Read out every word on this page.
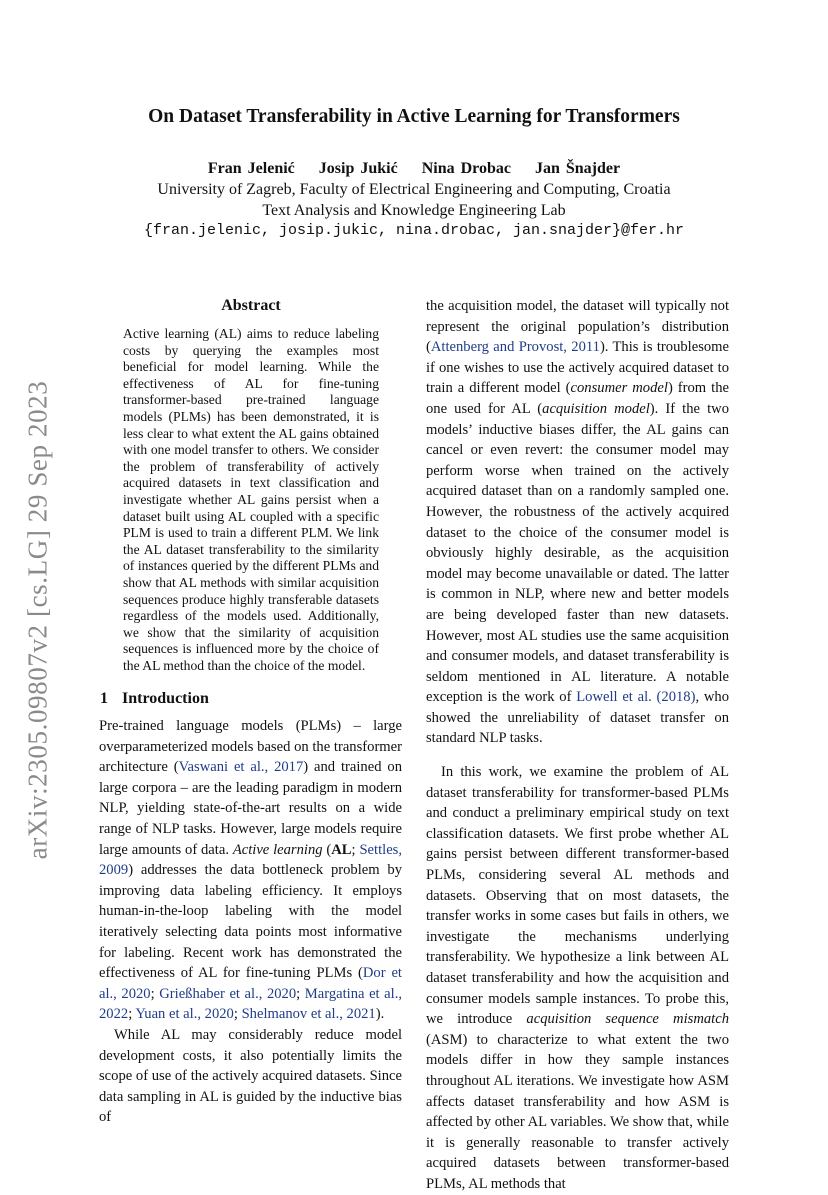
arXiv:2305.09807v2 [cs.LG] 29 Sep 2023
On Dataset Transferability in Active Learning for Transformers
Fran Jelenić Josip Jukić Nina Drobac Jan Šnajder
University of Zagreb, Faculty of Electrical Engineering and Computing, Croatia
Text Analysis and Knowledge Engineering Lab
{fran.jelenic, josip.jukic, nina.drobac, jan.snajder}@fer.hr
Abstract

Active learning (AL) aims to reduce labeling costs by querying the examples most beneficial for model learning. While the effectiveness of AL for fine-tuning transformer-based pre-trained language models (PLMs) has been demonstrated, it is less clear to what extent the AL gains obtained with one model transfer to others. We consider the problem of transferability of actively acquired datasets in text classification and investigate whether AL gains persist when a dataset built using AL coupled with a specific PLM is used to train a different PLM. We link the AL dataset transferability to the similarity of instances queried by the different PLMs and show that AL methods with similar acquisition sequences produce highly transferable datasets regardless of the models used. Additionally, we show that the similarity of acquisition sequences is influenced more by the choice of the AL method than the choice of the model.

1 Introduction

Pre-trained language models (PLMs) – large overparameterized models based on the transformer architecture (Vaswani et al., 2017) and trained on large corpora – are the leading paradigm in modern NLP, yielding state-of-the-art results on a wide range of NLP tasks. However, large models require large amounts of data. Active learning (AL; Settles, 2009) addresses the data bottleneck problem by improving data labeling efficiency. It employs human-in-the-loop labeling with the model iteratively selecting data points most informative for labeling. Recent work has demonstrated the effectiveness of AL for fine-tuning PLMs (Dor et al., 2020; Grießhaber et al., 2020; Margatina et al., 2022; Yuan et al., 2020; Shelmanov et al., 2021).

While AL may considerably reduce model development costs, it also potentially limits the scope of use of the actively acquired datasets. Since data sampling in AL is guided by the inductive bias of

the acquisition model, the dataset will typically not represent the original population’s distribution (Attenberg and Provost, 2011). This is troublesome if one wishes to use the actively acquired dataset to train a different model (consumer model) from the one used for AL (acquisition model). If the two models’ inductive biases differ, the AL gains can cancel or even revert: the consumer model may perform worse when trained on the actively acquired dataset than on a randomly sampled one. However, the robustness of the actively acquired dataset to the choice of the consumer model is obviously highly desirable, as the acquisition model may become unavailable or dated. The latter is common in NLP, where new and better models are being developed faster than new datasets. However, most AL studies use the same acquisition and consumer models, and dataset transferability is seldom mentioned in AL literature. A notable exception is the work of Lowell et al. (2018), who showed the unreliability of dataset transfer on standard NLP tasks.

In this work, we examine the problem of AL dataset transferability for transformer-based PLMs and conduct a preliminary empirical study on text classification datasets. We first probe whether AL gains persist between different transformer-based PLMs, considering several AL methods and datasets. Observing that on most datasets, the transfer works in some cases but fails in others, we investigate the mechanisms underlying transferability. We hypothesize a link between AL dataset transferability and how the acquisition and consumer models sample instances. To probe this, we introduce acquisition sequence mismatch (ASM) to characterize to what extent the two models differ in how they sample instances throughout AL iterations. We investigate how ASM affects dataset transferability and how ASM is affected by other AL variables. We show that, while it is generally reasonable to transfer actively acquired datasets between transformer-based PLMs, AL methods that
